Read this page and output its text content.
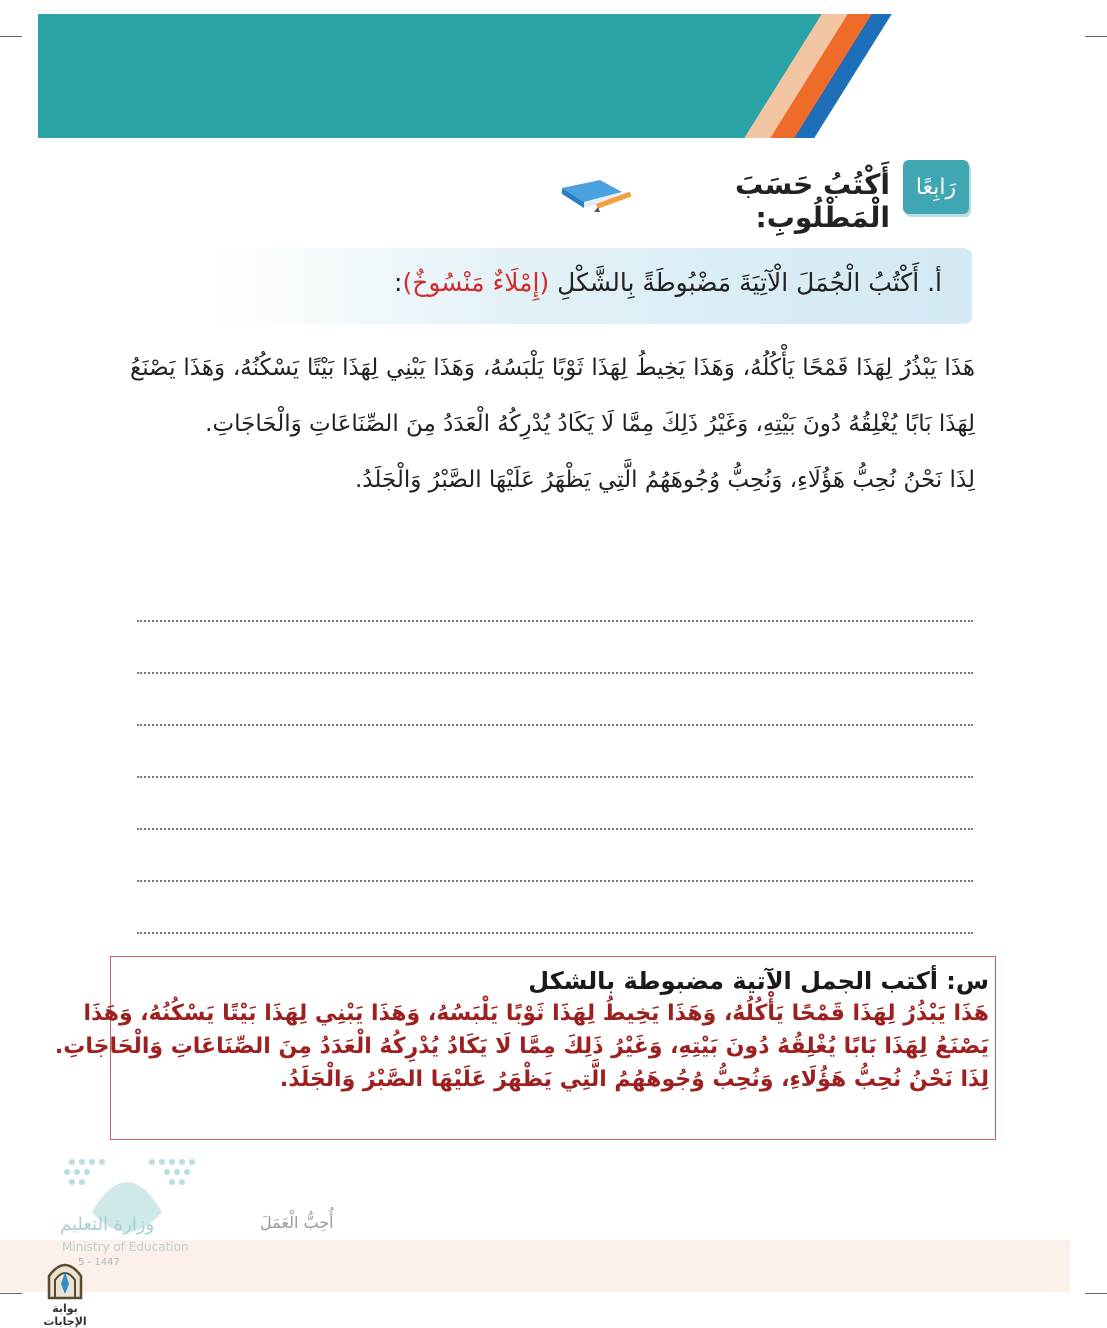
رَابِعًا
أَكْتُبُ حَسَبَ الْمَطْلُوبِ:
أ. أَكْتُبُ الْجُمَلَ الْآتِيَةَ مَضْبُوطَةً بِالشَّكْلِ (إِمْلَاءٌ مَنْسُوخٌ):

هَذَا يَبْذُرُ لِهَذَا قَمْحًا يَأْكُلُهُ، وَهَذَا يَخِيطُ لِهَذَا ثَوْبًا يَلْبَسُهُ، وَهَذَا يَبْنِي لِهَذَا بَيْتًا يَسْكُنُهُ، وَهَذَا يَصْنَعُ لِهَذَا بَابًا يُغْلِقُهُ دُونَ بَيْتِهِ، وَغَيْرُ ذَلِكَ مِمَّا لَا يَكَادُ يُدْرِكُهُ الْعَدَدُ مِنَ الصِّنَاعَاتِ وَالْحَاجَاتِ.

لِذَا نَحْنُ نُحِبُّ هَؤُلَاءِ، وَنُحِبُّ وُجُوهَهُمُ الَّتِي يَظْهَرُ عَلَيْهَا الصَّبْرُ وَالْجَلَدُ.

س: أكتب الجمل الآتية مضبوطة بالشكل
هَذَا يَبْذُرُ لِهَذَا قَمْحًا يَأْكُلُهُ، وَهَذَا يَخِيطُ لِهَذَا ثَوْبًا يَلْبَسُهُ، وَهَذَا يَبْنِي لِهَذَا بَيْتًا يَسْكُنُهُ، وَهَذَا
يَصْنَعُ لِهَذَا بَابًا يُغْلِقُهُ دُونَ بَيْتِهِ، وَغَيْرُ ذَلِكَ مِمَّا لَا يَكَادُ يُدْرِكُهُ الْعَدَدُ مِنَ الصِّنَاعَاتِ وَالْحَاجَاتِ.
لِذَا نَحْنُ نُحِبُّ هَؤُلَاءِ، وَنُحِبُّ وُجُوهَهُمُ الَّتِي يَظْهَرُ عَلَيْهَا الصَّبْرُ وَالْجَلَدُ.
أُحِبُّ الْعَمَلَ
وزارة التعليم
Ministry of Education
5 - 1447
بوابة الإجابات
